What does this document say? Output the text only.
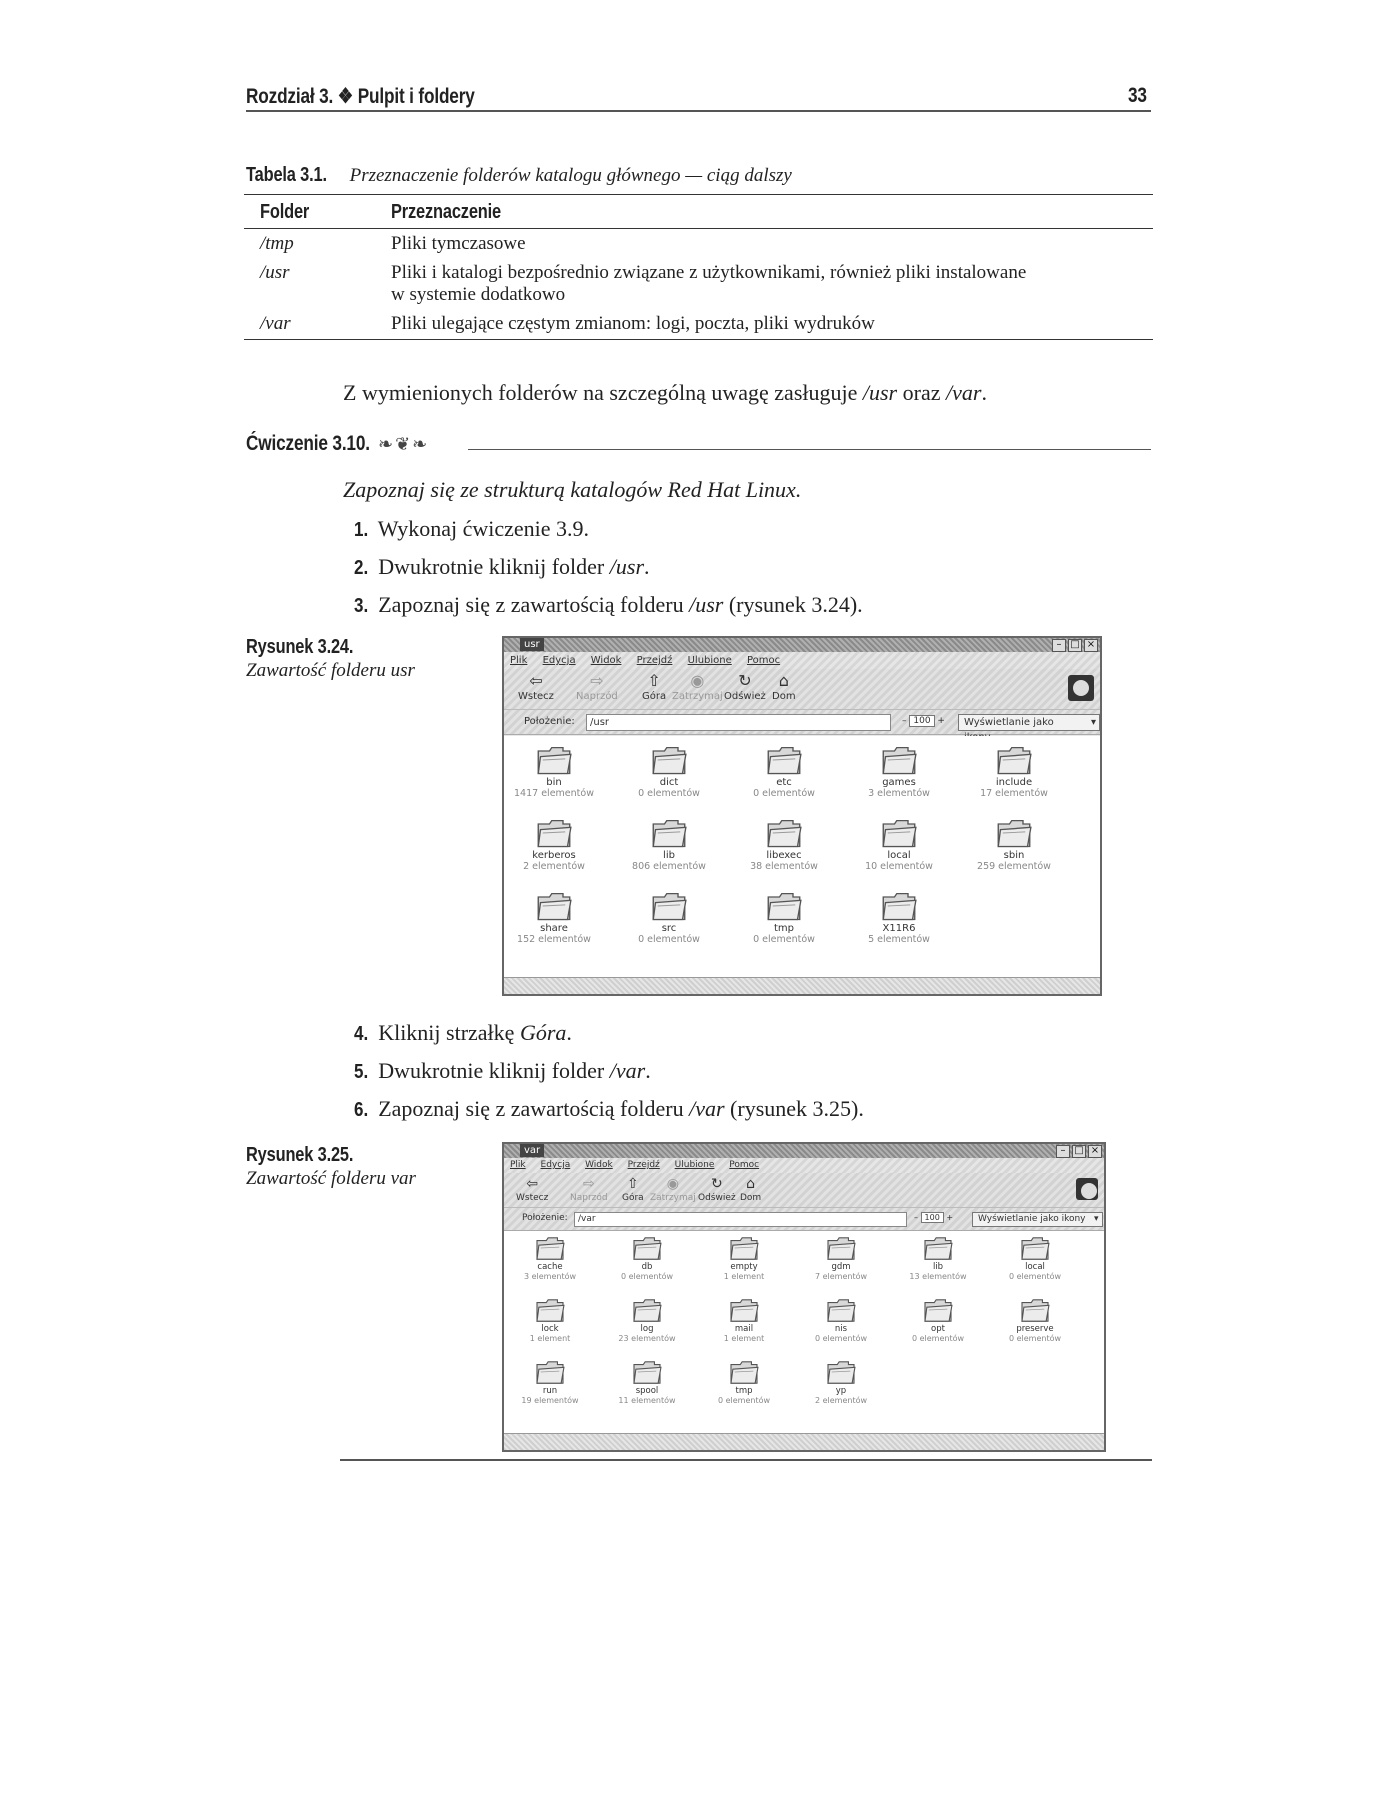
Rozdział 3. ❖ Pulpit i foldery	33
Tabela 3.1. Przeznaczenie folderów katalogu głównego — ciąg dalszy
Folder	Przeznaczenie
/tmp	Pliki tymczasowe
/usr	Pliki i katalogi bezpośrednio związane z użytkownikami, również pliki instalowane
w systemie dodatkowo
/var	Pliki ulegające częstym zmianom: logi, poczta, pliki wydruków
Z wymienionych folderów na szczególną uwagę zasługuje /usr oraz /var.
Ćwiczenie 3.10. ❧❦❧
Zapoznaj się ze strukturą katalogów Red Hat Linux.
1. Wykonaj ćwiczenie 3.9.
2. Dwukrotnie kliknij folder /usr.
3. Zapoznaj się z zawartością folderu /usr (rysunek 3.24).
Rysunek 3.24.
Zawartość folderu usr
usr	– □ ×
Plik Edycja Widok Przejdź Ulubione Pomoc
⇦
Wstecz
⇨
Naprzód
⇧
Góra
◉
Zatrzymaj
↻
Odśwież
⌂
Dom
Położenie:	/usr	– 100 +	Wyświetlanie jako ▾
bin
1417 elementów
dict
0 elementów
etc
0 elementów
games
3 elementów
include
17 elementów
kerberos
2 elementów
lib
806 elementów
libexec
38 elementów
local
10 elementów
sbin
259 elementów
share
152 elementów
src
0 elementów
tmp
0 elementów
X11R6
5 elementów
4. Kliknij strzałkę Góra.
5. Dwukrotnie kliknij folder /var.
6. Zapoznaj się z zawartością folderu /var (rysunek 3.25).
Rysunek 3.25.
Zawartość folderu var
var	– □ ×
Plik Edycja Widok Przejdź Ulubione Pomoc
⇦
Wstecz
⇨
Naprzód
⇧
Góra
◉
Zatrzymaj
↻
Odśwież
⌂
Dom
Położenie:	/var	– 100 +	Wyświetlanie jako ikony ▾
cache
3 elementów
db
0 elementów
empty
1 element
gdm
7 elementów
lib
13 elementów
local
0 elementów
lock
1 element
log
23 elementów
mail
1 element
nis
0 elementów
opt
0 elementów
preserve
0 elementów
run
19 elementów
spool
11 elementów
tmp
0 elementów
yp
2 elementów
